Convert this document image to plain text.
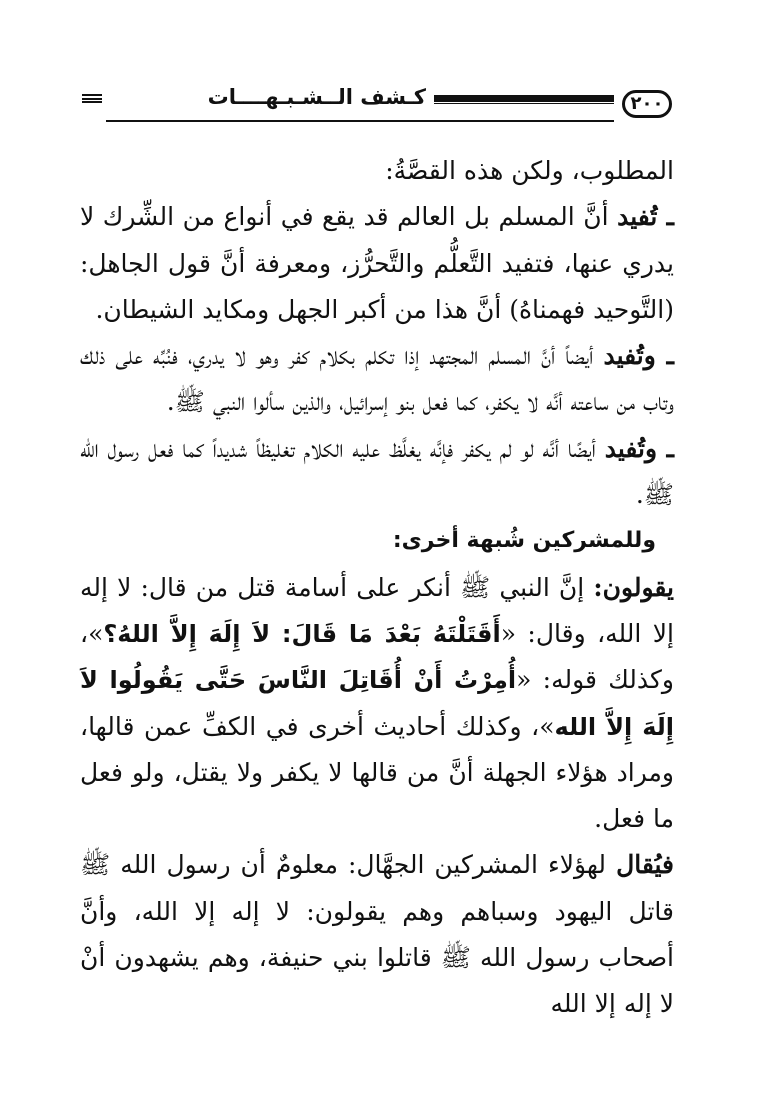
كـشف الــشـبـهــــات	٢٠٠

المطلوب، ولكن هذه القصَّةُ:

ـ تُفيد أنَّ المسلم بل العالم قد يقع في أنواع من الشِّرك لا يدري عنها، فتفيد التَّعلُّم والتَّحرُّز، ومعرفة أنَّ قول الجاهل: (التَّوحيد فهمناهُ) أنَّ هذا من أكبر الجهل ومكايد الشيطان.

ـ وتُفيد أيضاً أنَّ المسلم المجتهد إذا تكلم بكلام كفر وهو لا يدري، فنُبِّه على ذلك وتاب من ساعته أنَّه لا يكفر، كما فعل بنو إسرائيل، والذين سألوا النبي ﷺ.

ـ وتُفيد أيضًا أنَّه لو لم يكفر فإنَّه يغلَّظ عليه الكلام تغليظاً شديداً كما فعل رسول الله ﷺ.

وللمشركين شُبهة أخرى:

يقولون: إنَّ النبي ﷺ أنكر على أسامة قتل من قال: لا إله إلا الله، وقال: «أَقَتَلْتَهُ بَعْدَ مَا قَالَ: لاَ إِلَهَ إِلاَّ اللهُ؟»، وكذلك قوله: «أُمِرْتُ أَنْ أُقَاتِلَ النَّاسَ حَتَّى يَقُولُوا لاَ إِلَهَ إِلاَّ الله»، وكذلك أحاديث أخرى في الكفِّ عمن قالها، ومراد هؤلاء الجهلة أنَّ من قالها لا يكفر ولا يقتل، ولو فعل ما فعل.

فيُقال لهؤلاء المشركين الجهَّال: معلومٌ أن رسول الله ﷺ قاتل اليهود وسباهم وهم يقولون: لا إله إلا الله، وأنَّ أصحاب رسول الله ﷺ قاتلوا بني حنيفة، وهم يشهدون أنْ لا إله إلا الله
